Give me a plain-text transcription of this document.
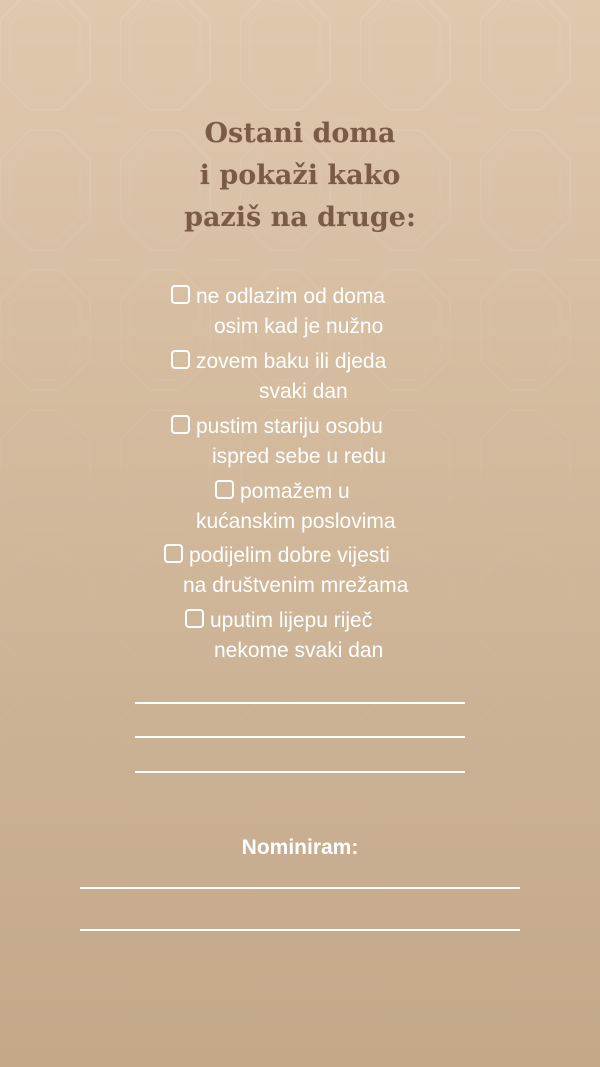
Ostani doma
i pokaži kako
paziš na druge:
ne odlazim od doma
osim kad je nužno
zovem baku ili djeda
svaki dan
pustim stariju osobu
ispred sebe u redu
pomažem u
kućanskim poslovima
podijelim dobre vijesti
na društvenim mrežama
uputim lijepu riječ
nekome svaki dan
Nominiram:
